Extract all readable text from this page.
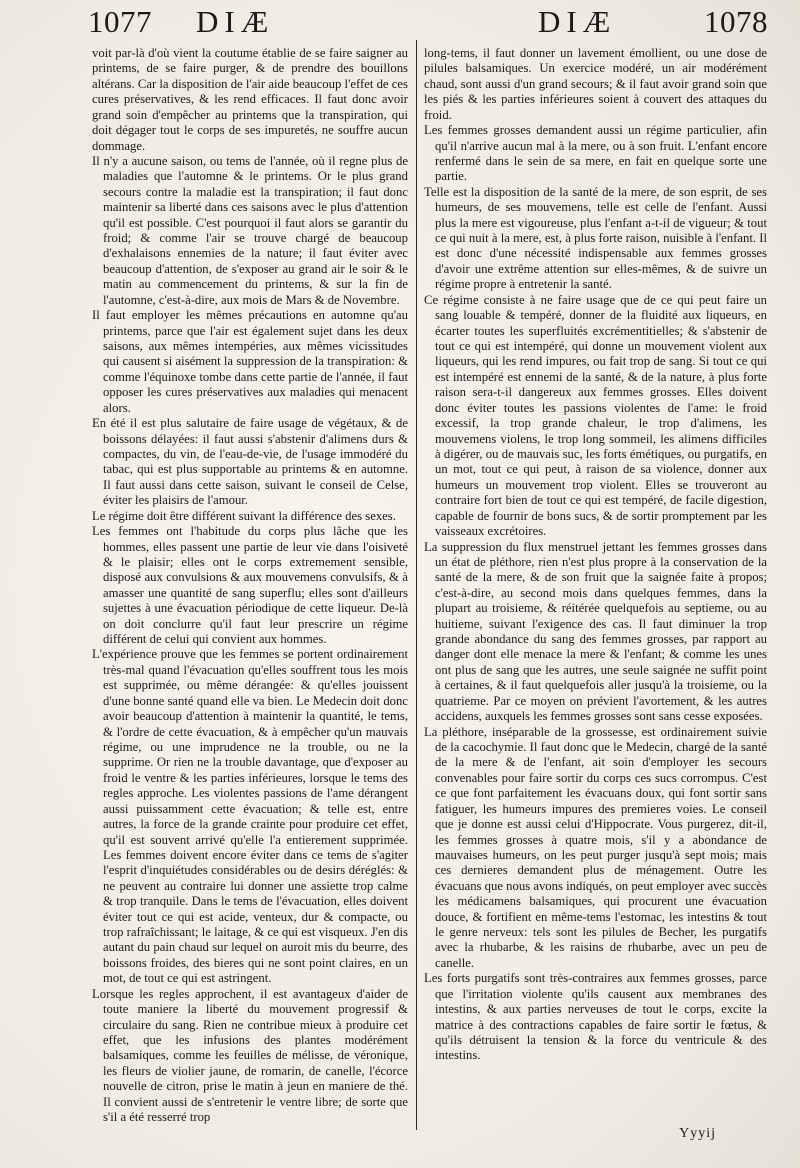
1077 DIÆ	DIÆ	1078

voit par-là d'où vient la coutume établie de se faire saigner au printems, de se faire purger, & de prendre des bouillons altérans. Car la disposition de l'air aide beaucoup l'effet de ces cures préservatives, & les rend efficaces. Il faut donc avoir grand soin d'empêcher au printems que la transpiration, qui doit dégager tout le corps de ses impuretés, ne souffre aucun dommage.

Il n'y a aucune saison, ou tems de l'année, où il regne plus de maladies que l'automne & le printems. Or le plus grand secours contre la maladie est la transpiration; il faut donc maintenir sa liberté dans ces saisons avec le plus d'attention qu'il est possible. C'est pourquoi il faut alors se garantir du froid; & comme l'air se trouve chargé de beaucoup d'exhalaisons ennemies de la nature; il faut éviter avec beaucoup d'attention, de s'exposer au grand air le soir & le matin au commencement du printems, & sur la fin de l'automne, c'est-à-dire, aux mois de Mars & de Novembre.

Il faut employer les mêmes précautions en automne qu'au printems, parce que l'air est également sujet dans les deux saisons, aux mêmes intempéries, aux mêmes vicissitudes qui causent si aisément la suppression de la transpiration: & comme l'équinoxe tombe dans cette partie de l'année, il faut opposer les cures préservatives aux maladies qui menacent alors.

En été il est plus salutaire de faire usage de végétaux, & de boissons délayées: il faut aussi s'abstenir d'alimens durs & compactes, du vin, de l'eau-de-vie, de l'usage immodéré du tabac, qui est plus supportable au printems & en automne. Il faut aussi dans cette saison, suivant le conseil de Celse, éviter les plaisirs de l'amour.

Le régime doit être différent suivant la différence des sexes.

Les femmes ont l'habitude du corps plus lâche que les hommes, elles passent une partie de leur vie dans l'oisiveté & le plaisir; elles ont le corps extremement sensible, disposé aux convulsions & aux mouvemens convulsifs, & à amasser une quantité de sang superflu; elles sont d'ailleurs sujettes à une évacuation périodique de cette liqueur. De-là on doit conclurre qu'il faut leur prescrire un régime différent de celui qui convient aux hommes.

L'expérience prouve que les femmes se portent ordinairement très-mal quand l'évacuation qu'elles souffrent tous les mois est supprimée, ou même dérangée: & qu'elles jouissent d'une bonne santé quand elle va bien. Le Medecin doit donc avoir beaucoup d'attention à maintenir la quantité, le tems, & l'ordre de cette évacuation, & à empêcher qu'un mauvais régime, ou une imprudence ne la trouble, ou ne la supprime. Or rien ne la trouble davantage, que d'exposer au froid le ventre & les parties inférieures, lorsque le tems des regles approche. Les violentes passions de l'ame dérangent aussi puissamment cette évacuation; & telle est, entre autres, la force de la grande crainte pour produire cet effet, qu'il est souvent arrivé qu'elle l'a entierement supprimée. Les femmes doivent encore éviter dans ce tems de s'agiter l'esprit d'inquiétudes considérables ou de desirs déréglés: & ne peuvent au contraire lui donner une assiette trop calme & trop tranquile. Dans le tems de l'évacuation, elles doivent éviter tout ce qui est acide, venteux, dur & compacte, ou trop rafraîchissant; le laitage, & ce qui est visqueux. J'en dis autant du pain chaud sur lequel on auroit mis du beurre, des boissons froides, des bieres qui ne sont point claires, en un mot, de tout ce qui est astringent.

Lorsque les regles approchent, il est avantageux d'aider de toute maniere la liberté du mouvement progressif & circulaire du sang. Rien ne contribue mieux à produire cet effet, que les infusions des plantes modérément balsamiques, comme les feuilles de mélisse, de véronique, les fleurs de violier jaune, de romarin, de canelle, l'écorce nouvelle de citron, prise le matin à jeun en maniere de thé. Il convient aussi de s'entretenir le ventre libre; de sorte que s'il a été resserré trop

long-tems, il faut donner un lavement émollient, ou une dose de pilules balsamiques. Un exercice modéré, un air modérément chaud, sont aussi d'un grand secours; & il faut avoir grand soin que les piés & les parties inférieures soient à couvert des attaques du froid.

Les femmes grosses demandent aussi un régime particulier, afin qu'il n'arrive aucun mal à la mere, ou à son fruit. L'enfant encore renfermé dans le sein de sa mere, en fait en quelque sorte une partie.

Telle est la disposition de la santé de la mere, de son esprit, de ses humeurs, de ses mouvemens, telle est celle de l'enfant. Aussi plus la mere est vigoureuse, plus l'enfant a-t-il de vigueur; & tout ce qui nuit à la mere, est, à plus forte raison, nuisible à l'enfant. Il est donc d'une nécessité indispensable aux femmes grosses d'avoir une extrême attention sur elles-mêmes, & de suivre un régime propre à entretenir la santé.

Ce régime consiste à ne faire usage que de ce qui peut faire un sang louable & tempéré, donner de la fluidité aux liqueurs, en écarter toutes les superfluités excrémentitielles; & s'abstenir de tout ce qui est intempéré, qui donne un mouvement violent aux liqueurs, qui les rend impures, ou fait trop de sang. Si tout ce qui est intempéré est ennemi de la santé, & de la nature, à plus forte raison sera-t-il dangereux aux femmes grosses. Elles doivent donc éviter toutes les passions violentes de l'ame: le froid excessif, la trop grande chaleur, le trop d'alimens, les mouvemens violens, le trop long sommeil, les alimens difficiles à digérer, ou de mauvais suc, les forts émétiques, ou purgatifs, en un mot, tout ce qui peut, à raison de sa violence, donner aux humeurs un mouvement trop violent. Elles se trouveront au contraire fort bien de tout ce qui est tempéré, de facile digestion, capable de fournir de bons sucs, & de sortir promptement par les vaisseaux excrétoires.

La suppression du flux menstruel jettant les femmes grosses dans un état de pléthore, rien n'est plus propre à la conservation de la santé de la mere, & de son fruit que la saignée faite à propos; c'est-à-dire, au second mois dans quelques femmes, dans la plupart au troisieme, & réitérée quelquefois au septieme, ou au huitieme, suivant l'exigence des cas. Il faut diminuer la trop grande abondance du sang des femmes grosses, par rapport au danger dont elle menace la mere & l'enfant; & comme les unes ont plus de sang que les autres, une seule saignée ne suffit point à certaines, & il faut quelquefois aller jusqu'à la troisieme, ou la quatrieme. Par ce moyen on prévient l'avortement, & les autres accidens, auxquels les femmes grosses sont sans cesse exposées.

La pléthore, inséparable de la grossesse, est ordinairement suivie de la cacochymie. Il faut donc que le Medecin, chargé de la santé de la mere & de l'enfant, ait soin d'employer les secours convenables pour faire sortir du corps ces sucs corrompus. C'est ce que font parfaitement les évacuans doux, qui font sortir sans fatiguer, les humeurs impures des premieres voies. Le conseil que je donne est aussi celui d'Hippocrate. Vous purgerez, dit-il, les femmes grosses à quatre mois, s'il y a abondance de mauvaises humeurs, on les peut purger jusqu'à sept mois; mais ces dernieres demandent plus de ménagement. Outre les évacuans que nous avons indiqués, on peut employer avec succès les médicamens balsamiques, qui procurent une évacuation douce, & fortifient en même-tems l'estomac, les intestins & tout le genre nerveux: tels sont les pilules de Becher, les purgatifs avec la rhubarbe, & les raisins de rhubarbe, avec un peu de canelle.

Les forts purgatifs sont très-contraires aux femmes grosses, parce que l'irritation violente qu'ils causent aux membranes des intestins, & aux parties nerveuses de tout le corps, excite la matrice à des contractions capables de faire sortir le fœtus, & qu'ils détruisent la tension & la force du ventricule & des intestins.

Yyyij
